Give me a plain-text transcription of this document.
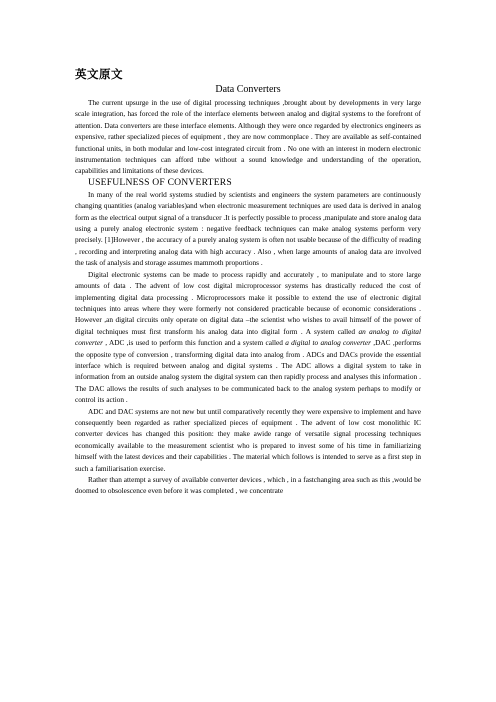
英文原文
Data Converters

The current upsurge in the use of digital processing techniques ,brought about by developments in very large scale integration, has forced the role of the interface elements between analog and digital systems to the forefront of attention. Data converters are these interface elements. Although they were once regarded by electronics engineers as expensive, rather specialized pieces of equipment , they are now commonplace . They are available as self-contained functional units, in both modular and low-cost integrated circuit from . No one with an interest in modern electronic instrumentation techniques can afford tube without a sound knowledge and understanding of the operation, capabilities and limitations of these devices.

USEFULNESS OF CONVERTERS

In many of the real world systems studied by scientists and engineers the system parameters are continuously changing quantities (analog variables)and when electronic measurement techniques are used data is derived in analog form as the electrical output signal of a transducer .It is perfectly possible to process ,manipulate and store analog data using a purely analog electronic system : negative feedback techniques can make analog systems perform very precisely. [1]However , the accuracy of a purely analog system is often not usable because of the difficulty of reading , recording and interpreting analog data with high accuracy . Also , when large amounts of analog data are involved the task of analysis and storage assumes mammoth proportions .

Digital electronic systems can be made to process rapidly and accurately , to manipulate and to store large amounts of data . The advent of low cost digital microprocessor systems has drastically reduced the cost of implementing digital data processing . Microprocessors make it possible to extend the use of electronic digital techniques into areas where they were formerly not considered practicable because of economic considerations . However ,an digital circuits only operate on digital data –the scientist who wishes to avail himself of the power of digital techniques must first transform his analog data into digital form . A system called an analog to digital converter , ADC ,is used to perform this function and a system called a digital to analog converter ,DAC ,performs the opposite type of conversion , transforming digital data into analog from . ADCs and DACs provide the essential interface which is required between analog and digital systems . The ADC allows a digital system to take in information from an outside analog system the digital system can then rapidly process and analyses this information . The DAC allows the results of such analyses to be communicated back to the analog system perhaps to modify or control its action .

ADC and DAC systems are not new but until comparatively recently they were expensive to implement and have consequently been regarded as rather specialized pieces of equipment . The advent of low cost monolithic IC converter devices has changed this position: they make awide range of versatile signal processing techniques economically available to the measurement scientist who is prepared to invest some of his time in familiarizing himself with the latest devices and their capabilities . The material which follows is intended to serve as a first step in such a familiarisation exercise.

Rather than attempt a survey of available converter devices , which , in a fastchanging area such as this ,would be doomed to obsolescence even before it was completed , we concentrate
